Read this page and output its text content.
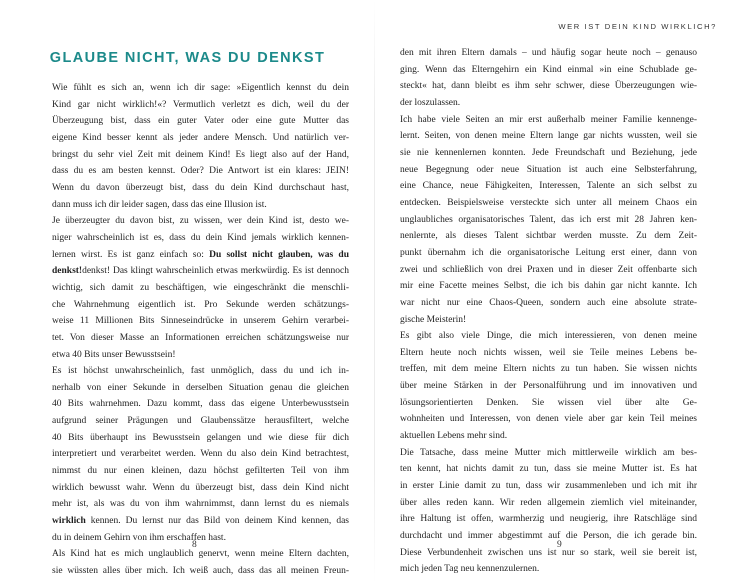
GLAUBE NICHT, WAS DU DENKST
Wie fühlt es sich an, wenn ich dir sage: »Eigentlich kennst du dein
Kind gar nicht wirklich!«? Vermutlich verletzt es dich, weil du der
Überzeugung bist, dass ein guter Vater oder eine gute Mutter das
eigene Kind besser kennt als jeder andere Mensch. Und natürlich ver-
bringst du sehr viel Zeit mit deinem Kind! Es liegt also auf der Hand,
dass du es am besten kennst. Oder? Die Antwort ist ein klares: JEIN!
Wenn du davon überzeugt bist, dass du dein Kind durchschaut hast,
dann muss ich dir leider sagen, dass das eine Illusion ist.
Je überzeugter du davon bist, zu wissen, wer dein Kind ist, desto we-
niger wahrscheinlich ist es, dass du dein Kind jemals wirklich kennen-
lernen wirst. Es ist ganz einfach so: Du sollst nicht glauben, was du
denkst!denkst! Das klingt wahrscheinlich etwas merkwürdig. Es ist dennoch
wichtig, sich damit zu beschäftigen, wie eingeschränkt die menschli-
che Wahrnehmung eigentlich ist. Pro Sekunde werden schätzungs-
weise 11 Millionen Bits Sinneseindrücke in unserem Gehirn verarbei-
tet. Von dieser Masse an Informationen erreichen schätzungsweise nur
etwa 40 Bits unser Bewusstsein!
Es ist höchst unwahrscheinlich, fast unmöglich, dass du und ich in-
nerhalb von einer Sekunde in derselben Situation genau die gleichen
40 Bits wahrnehmen. Dazu kommt, dass das eigene Unterbewusstsein
aufgrund seiner Prägungen und Glaubenssätze herausfiltert, welche
40 Bits überhaupt ins Bewusstsein gelangen und wie diese für dich
interpretiert und verarbeitet werden. Wenn du also dein Kind betrachtest,
nimmst du nur einen kleinen, dazu höchst gefilterten Teil von ihm
wirklich bewusst wahr. Wenn du überzeugt bist, dass dein Kind nicht
mehr ist, als was du von ihm wahrnimmst, dann lernst du es niemals
wirklich kennen. Du lernst nur das Bild von deinem Kind kennen, das
du in deinem Gehirn von ihm erschaffen hast.
Als Kind hat es mich unglaublich genervt, wenn meine Eltern dachten,
sie wüssten alles über mich. Ich weiß auch, dass das all meinen Freun-
8
WER IST DEIN KIND WIRKLICH?
den mit ihren Eltern damals – und häufig sogar heute noch – genauso
ging. Wenn das Elterngehirn ein Kind einmal »in eine Schublade ge-
steckt« hat, dann bleibt es ihm sehr schwer, diese Überzeugungen wie-
der loszulassen.
Ich habe viele Seiten an mir erst außerhalb meiner Familie kennenge-
lernt. Seiten, von denen meine Eltern lange gar nichts wussten, weil sie
sie nie kennenlernen konnten. Jede Freundschaft und Beziehung, jede
neue Begegnung oder neue Situation ist auch eine Selbsterfahrung,
eine Chance, neue Fähigkeiten, Interessen, Talente an sich selbst zu
entdecken. Beispielsweise versteckte sich unter all meinem Chaos ein
unglaubliches organisatorisches Talent, das ich erst mit 28 Jahren ken-
nenlernte, als dieses Talent sichtbar werden musste. Zu dem Zeit-
punkt übernahm ich die organisatorische Leitung erst einer, dann von
zwei und schließlich von drei Praxen und in dieser Zeit offenbarte sich
mir eine Facette meines Selbst, die ich bis dahin gar nicht kannte. Ich
war nicht nur eine Chaos-Queen, sondern auch eine absolute strate-
gische Meisterin!
Es gibt also viele Dinge, die mich interessieren, von denen meine
Eltern heute noch nichts wissen, weil sie Teile meines Lebens be-
treffen, mit dem meine Eltern nichts zu tun haben. Sie wissen nichts
über meine Stärken in der Personalführung und im innovativen und
lösungsorientierten Denken. Sie wissen viel über alte Ge-
wohnheiten und Interessen, von denen viele aber gar kein Teil meines
aktuellen Lebens mehr sind.
Die Tatsache, dass meine Mutter mich mittlerweile wirklich am bes-
ten kennt, hat nichts damit zu tun, dass sie meine Mutter ist. Es hat
in erster Linie damit zu tun, dass wir zusammenleben und ich mit ihr
über alles reden kann. Wir reden allgemein ziemlich viel miteinander,
ihre Haltung ist offen, warmherzig und neugierig, ihre Ratschläge sind
durchdacht und immer abgestimmt auf die Person, die ich gerade bin.
Diese Verbundenheit zwischen uns ist nur so stark, weil sie bereit ist,
mich jeden Tag neu kennenzulernen.
9
